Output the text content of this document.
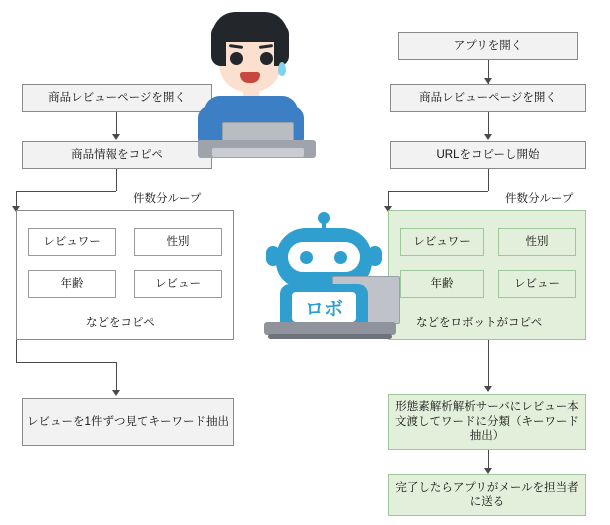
商品レビューページを開く
商品情報をコピペ
件数分ループ
レビュワー	性別
年齢	レビュー
などをコピペ
レビューを1件ずつ見てキーワード抽出
アプリを開く
商品レビューページを開く
URLをコピーし開始
件数分ループ
レビュワー	性別
年齢	レビュー
などをロボットがコピペ
形態素解析解析サーバにレビュー本文渡してワードに分類（キーワード抽出）
完了したらアプリがメールを担当者に送る
ロボ
